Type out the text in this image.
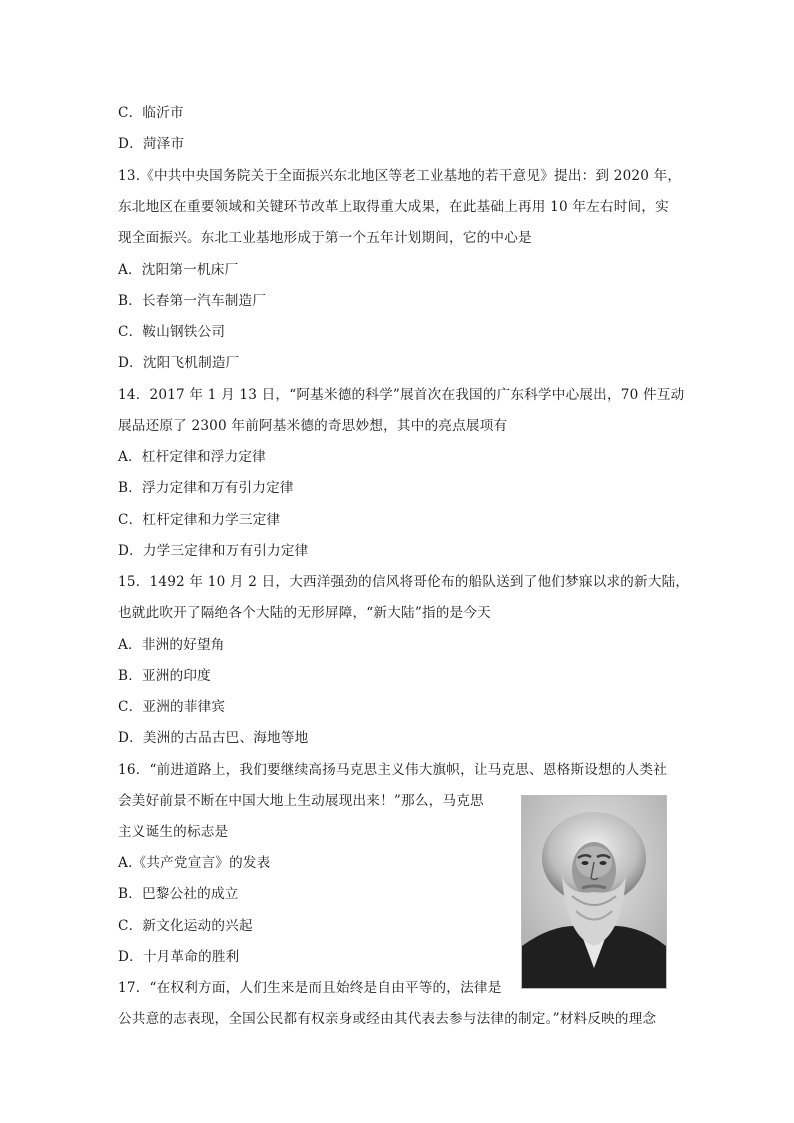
C．临沂市
D．菏泽市
13.《中共中央国务院关于全面振兴东北地区等老工业基地的若干意见》提出：到 2020 年，
东北地区在重要领域和关键环节改革上取得重大成果，在此基础上再用 10 年左右时间，实
现全面振兴。东北工业基地形成于第一个五年计划期间，它的中心是
A．沈阳第一机床厂
B．长春第一汽车制造厂
C．鞍山钢铁公司
D．沈阳飞机制造厂
14．2017 年 1 月 13 日，“阿基米德的科学”展首次在我国的广东科学中心展出，70 件互动
展品还原了 2300 年前阿基米德的奇思妙想，其中的亮点展项有
A．杠杆定律和浮力定律
B．浮力定律和万有引力定律
C．杠杆定律和力学三定律
D．力学三定律和万有引力定律
15．1492 年 10 月 2 日，大西洋强劲的信风将哥伦布的船队送到了他们梦寐以求的新大陆，
也就此吹开了隔绝各个大陆的无形屏障，“新大陆”指的是今天
A．非洲的好望角
B．亚洲的印度
C．亚洲的菲律宾
D．美洲的古品古巴、海地等地
16．“前进道路上，我们要继续高扬马克思主义伟大旗帜，让马克思、恩格斯设想的人类社
会美好前景不断在中国大地上生动展现出来！”那么，马克思
主义诞生的标志是
A.《共产党宣言》的发表
B．巴黎公社的成立
C．新文化运动的兴起
D．十月革命的胜利
17．“在权利方面，人们生来是而且始终是自由平等的，法律是
公共意的志表现，全国公民都有权亲身或经由其代表去参与法律的制定。”材料反映的理念
